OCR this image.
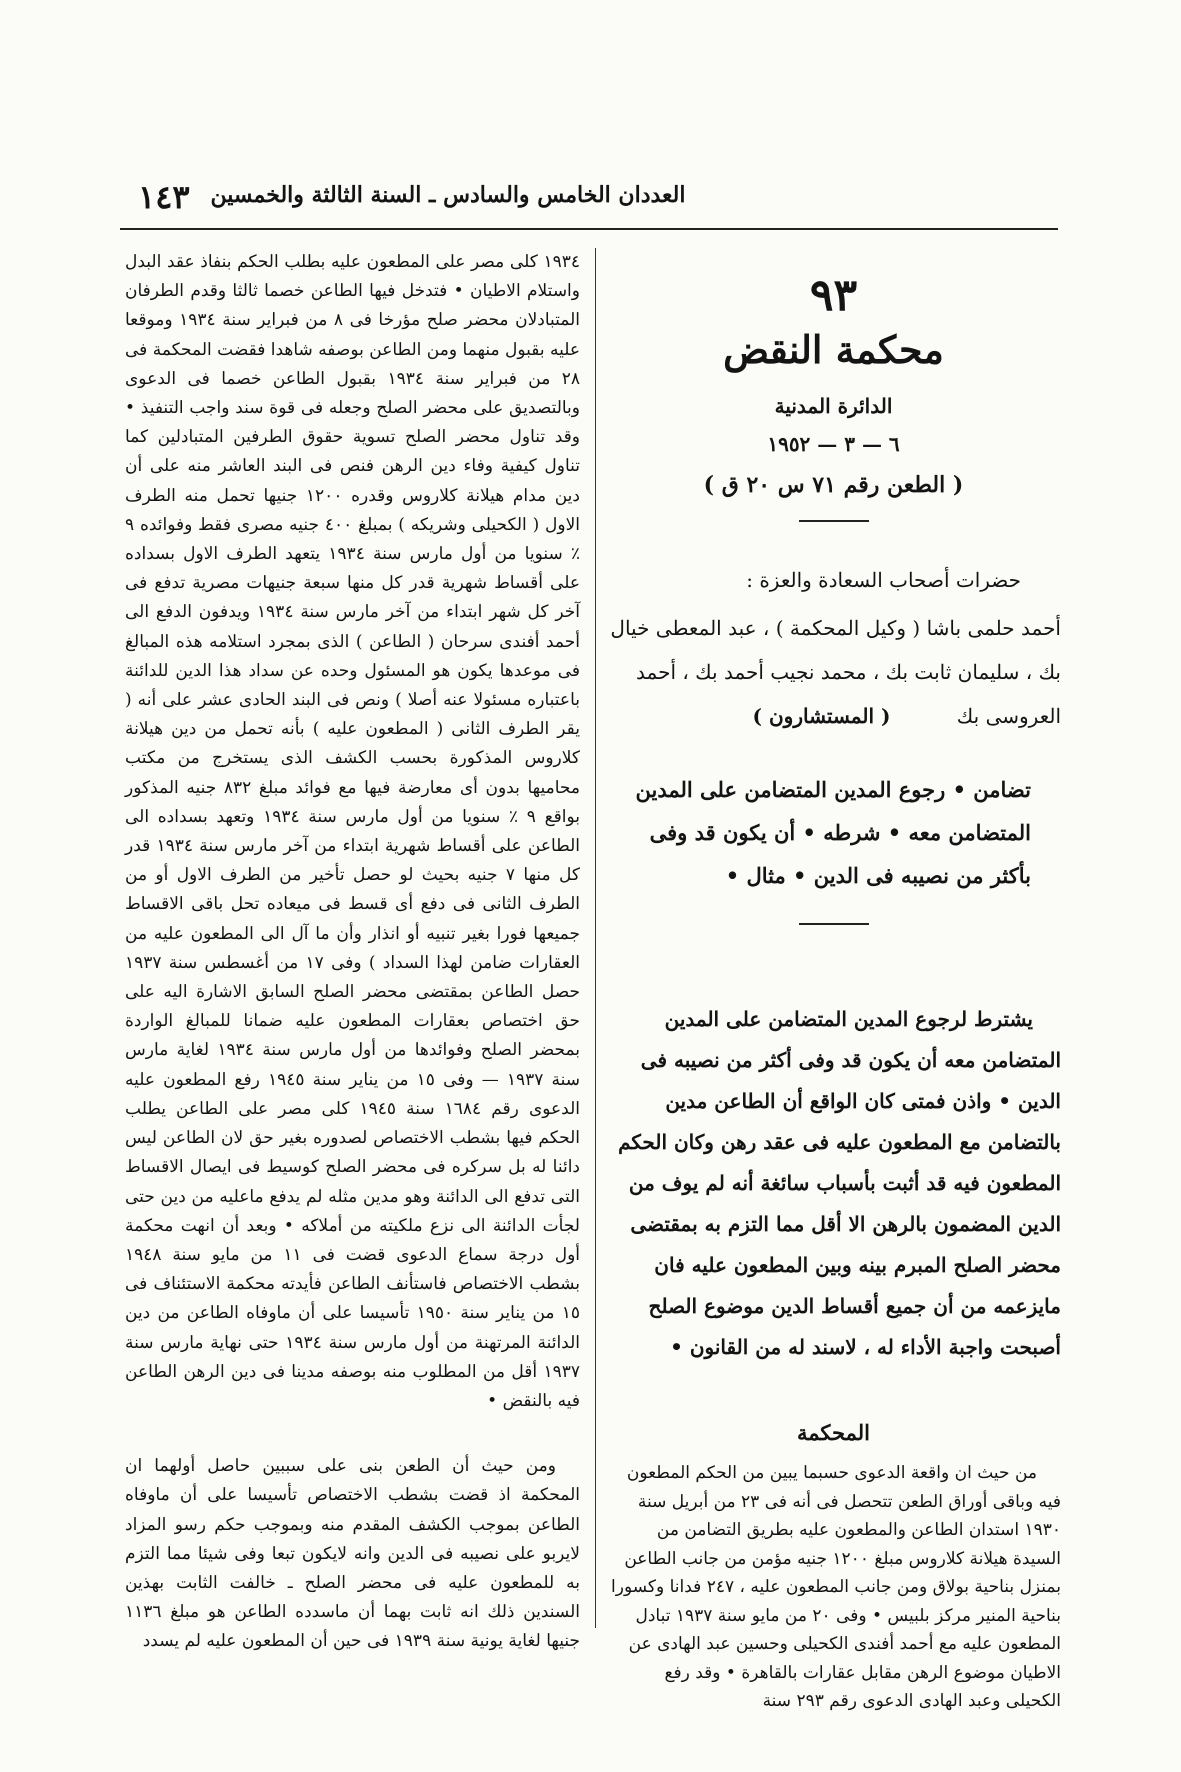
العددان الخامس والسادس ـ السنة الثالثة والخمسين
١٤٣
٩٣
محكمة النقض
الدائرة المدنية
٦ — ٣ — ١٩٥٢
( الطعن رقم ٧١ س ٢٠ ق )
حضرات أصحاب السعادة والعزة :
أحمد حلمى باشا ( وكيل المحكمة ) ، عبد المعطى خيال بك ، سليمان ثابت بك ، محمد نجيب أحمد بك ، أحمد العروسى بك ( المستشارون )
تضامن • رجوع المدين المتضامن على المدين المتضامن معه • شرطه • أن يكون قد وفى بأكثر من نصيبه فى الدين • مثال •

يشترط لرجوع المدين المتضامن على المدين المتضامن معه أن يكون قد وفى أكثر من نصيبه فى الدين • واذن فمتى كان الواقع أن الطاعن مدين بالتضامن مع المطعون عليه فى عقد رهن وكان الحكم المطعون فيه قد أثبت بأسباب سائغة أنه لم يوف من الدين المضمون بالرهن الا أقل مما التزم به بمقتضى محضر الصلح المبرم بينه وبين المطعون عليه فان مايزعمه من أن جميع أقساط الدين موضوع الصلح أصبحت واجبة الأداء له ، لاسند له من القانون •

المحكمة

من حيث ان واقعة الدعوى حسبما يبين من الحكم المطعون فيه وباقى أوراق الطعن تتحصل فى أنه فى ٢٣ من أبريل سنة ١٩٣٠ استدان الطاعن والمطعون عليه بطريق التضامن من السيدة هيلانة كلاروس مبلغ ١٢٠٠ جنيه مؤمن من جانب الطاعن بمنزل بناحية بولاق ومن جانب المطعون عليه ، ٢٤٧ فدانا وكسورا بناحية المنير مركز بلبيس • وفى ٢٠ من مايو سنة ١٩٣٧ تبادل المطعون عليه مع أحمد أفندى الكحيلى وحسين عبد الهادى عن الاطيان موضوع الرهن مقابل عقارات بالقاهرة • وقد رفع الكحيلى وعبد الهادى الدعوى رقم ٢٩٣ سنة

١٩٣٤ كلى مصر على المطعون عليه بطلب الحكم بنفاذ عقد البدل واستلام الاطيان • فتدخل فيها الطاعن خصما ثالثا وقدم الطرفان المتبادلان محضر صلح مؤرخا فى ٨ من فبراير سنة ١٩٣٤ وموقعا عليه بقبول منهما ومن الطاعن بوصفه شاهدا فقضت المحكمة فى ٢٨ من فبراير سنة ١٩٣٤ بقبول الطاعن خصما فى الدعوى وبالتصديق على محضر الصلح وجعله فى قوة سند واجب التنفيذ • وقد تناول محضر الصلح تسوية حقوق الطرفين المتبادلين كما تناول كيفية وفاء دين الرهن فنص فى البند العاشر منه على أن دين مدام هيلانة كلاروس وقدره ١٢٠٠ جنيها تحمل منه الطرف الاول ( الكحيلى وشريكه ) بمبلغ ٤٠٠ جنيه مصرى فقط وفوائده ٩ ٪ سنويا من أول مارس سنة ١٩٣٤ يتعهد الطرف الاول بسداده على أقساط شهرية قدر كل منها سبعة جنيهات مصرية تدفع فى آخر كل شهر ابتداء من آخر مارس سنة ١٩٣٤ ويدفون الدفع الى أحمد أفندى سرحان ( الطاعن ) الذى بمجرد استلامه هذه المبالغ فى موعدها يكون هو المسئول وحده عن سداد هذا الدين للدائنة باعتباره مسئولا عنه أصلا ) ونص فى البند الحادى عشر على أنه ( يقر الطرف الثانى ( المطعون عليه ) بأنه تحمل من دين هيلانة كلاروس المذكورة بحسب الكشف الذى يستخرج من مكتب محاميها بدون أى معارضة فيها مع فوائد مبلغ ٨٣٢ جنيه المذكور بواقع ٩ ٪ سنويا من أول مارس سنة ١٩٣٤ وتعهد بسداده الى الطاعن على أقساط شهرية ابتداء من آخر مارس سنة ١٩٣٤ قدر كل منها ٧ جنيه بحيث لو حصل تأخير من الطرف الاول أو من الطرف الثانى فى دفع أى قسط فى ميعاده تحل باقى الاقساط جميعها فورا بغير تنبيه أو انذار وأن ما آل الى المطعون عليه من العقارات ضامن لهذا السداد ) وفى ١٧ من أغسطس سنة ١٩٣٧ حصل الطاعن بمقتضى محضر الصلح السابق الاشارة اليه على حق اختصاص بعقارات المطعون عليه ضمانا للمبالغ الواردة بمحضر الصلح وفوائدها من أول مارس سنة ١٩٣٤ لغاية مارس سنة ١٩٣٧ — وفى ١٥ من يناير سنة ١٩٤٥ رفع المطعون عليه الدعوى رقم ١٦٨٤ سنة ١٩٤٥ كلى مصر على الطاعن يطلب الحكم فيها بشطب الاختصاص لصدوره بغير حق لان الطاعن ليس دائنا له بل سركره فى محضر الصلح كوسيط فى ايصال الاقساط التى تدفع الى الدائنة وهو مدين مثله لم يدفع ماعليه من دين حتى لجأت الدائنة الى نزع ملكيته من أملاكه • وبعد أن انهت محكمة أول درجة سماع الدعوى قضت فى ١١ من مايو سنة ١٩٤٨ بشطب الاختصاص فاستأنف الطاعن فأيدته محكمة الاستئناف فى ١٥ من يناير سنة ١٩٥٠ تأسيسا على أن ماوفاه الطاعن من دين الدائنة المرتهنة من أول مارس سنة ١٩٣٤ حتى نهاية مارس سنة ١٩٣٧ أقل من المطلوب منه بوصفه مدينا فى دين الرهن الطاعن فيه بالنقض •

ومن حيث أن الطعن بنى على سببين حاصل أولهما ان المحكمة اذ قضت بشطب الاختصاص تأسيسا على أن ماوفاه الطاعن بموجب الكشف المقدم منه وبموجب حكم رسو المزاد لايربو على نصيبه فى الدين وانه لايكون تبعا وفى شيئا مما التزم به للمطعون عليه فى محضر الصلح ـ خالفت الثابت بهذين السندين ذلك انه ثابت بهما أن ماسدده الطاعن هو مبلغ ١١٣٦ جنيها لغاية يونية سنة ١٩٣٩ فى حين أن المطعون عليه لم يسدد
